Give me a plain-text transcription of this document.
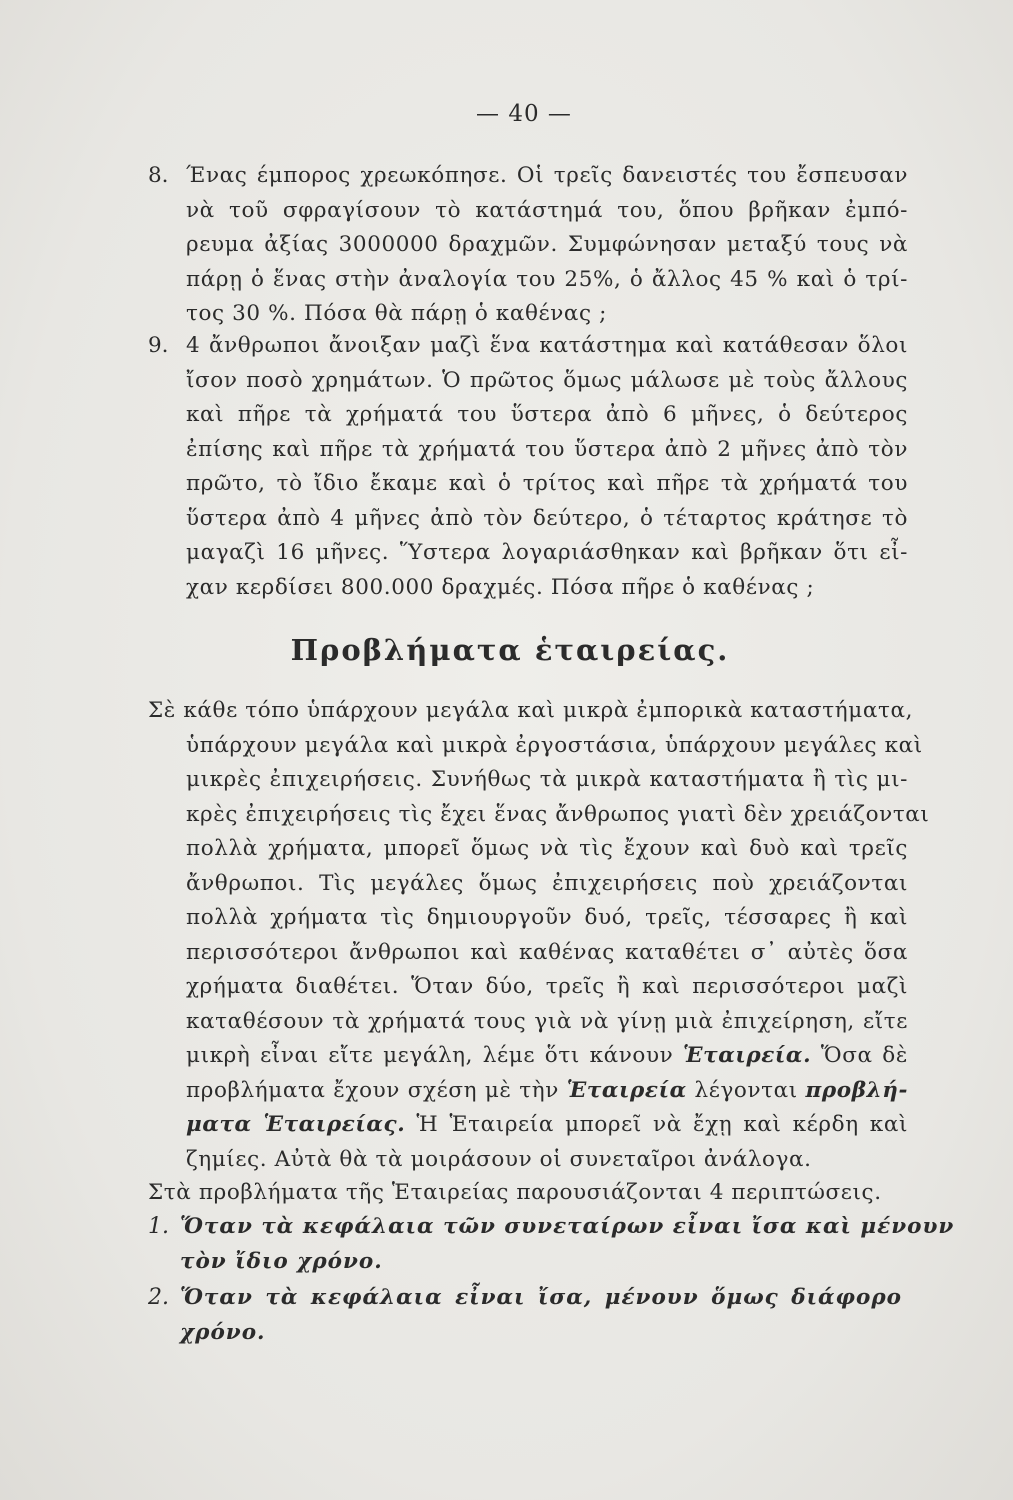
— 40 —
8. Ένας έμπορος χρεωκόπησε. Οἱ τρεῖς δανειστές του ἔσπευσαν
νὰ τοῦ σφραγίσουν τὸ κατάστημά του, ὅπου βρῆκαν ἐμπό-
ρευμα ἀξίας 3000000 δραχμῶν. Συμφώνησαν μεταξύ τους νὰ
πάρῃ ὁ ἕνας στὴν ἀναλογία του 25%, ὁ ἄλλος 45 % καὶ ὁ τρί-
τος 30 %. Πόσα θὰ πάρῃ ὁ καθένας ;
9. 4 ἄνθρωποι ἄνοιξαν μαζὶ ἕνα κατάστημα καὶ κατάθεσαν ὅλοι
ἴσον ποσὸ χρημάτων. Ὁ πρῶτος ὅμως μάλωσε μὲ τοὺς ἄλλους
καὶ πῆρε τὰ χρήματά του ὕστερα ἀπὸ 6 μῆνες, ὁ δεύτερος
ἐπίσης καὶ πῆρε τὰ χρήματά του ὕστερα ἀπὸ 2 μῆνες ἀπὸ τὸν
πρῶτο, τὸ ἴδιο ἔκαμε καὶ ὁ τρίτος καὶ πῆρε τὰ χρήματά του
ὕστερα ἀπὸ 4 μῆνες ἀπὸ τὸν δεύτερο, ὁ τέταρτος κράτησε τὸ
μαγαζὶ 16 μῆνες. Ὕστερα λογαριάσθηκαν καὶ βρῆκαν ὅτι εἶ-
χαν κερδίσει 800.000 δραχμές. Πόσα πῆρε ὁ καθένας ;
Προβλήματα ἑταιρείας.
Σὲ κάθε τόπο ὑπάρχουν μεγάλα καὶ μικρὰ ἐμπορικὰ καταστήματα,
ὑπάρχουν μεγάλα καὶ μικρὰ ἐργοστάσια, ὑπάρχουν μεγάλες καὶ
μικρὲς ἐπιχειρήσεις. Συνήθως τὰ μικρὰ καταστήματα ἢ τὶς μι-
κρὲς ἐπιχειρήσεις τὶς ἔχει ἕνας ἄνθρωπος γιατὶ δὲν χρειάζονται
πολλὰ χρήματα, μπορεῖ ὅμως νὰ τὶς ἔχουν καὶ δυὸ καὶ τρεῖς
ἄνθρωποι. Τὶς μεγάλες ὅμως ἐπιχειρήσεις ποὺ χρειάζονται
πολλὰ χρήματα τὶς δημιουργοῦν δυό, τρεῖς, τέσσαρες ἢ καὶ
περισσότεροι ἄνθρωποι καὶ καθένας καταθέτει σ᾽ αὐτὲς ὅσα
χρήματα διαθέτει. Ὅταν δύο, τρεῖς ἢ καὶ περισσότεροι μαζὶ
καταθέσουν τὰ χρήματά τους γιὰ νὰ γίνῃ μιὰ ἐπιχείρηση, εἴτε
μικρὴ εἶναι εἴτε μεγάλη, λέμε ὅτι κάνουν Ἑταιρεία. Ὅσα δὲ
προβλήματα ἔχουν σχέση μὲ τὴν Ἑταιρεία λέγονται προβλή-
ματα Ἑταιρείας. Ἡ Ἑταιρεία μπορεῖ νὰ ἔχῃ καὶ κέρδη καὶ
ζημίες. Αὐτὰ θὰ τὰ μοιράσουν οἱ συνεταῖροι ἀνάλογα.
Στὰ προβλήματα τῆς Ἑταιρείας παρουσιάζονται 4 περιπτώσεις.
1. Ὅταν τὰ κεφάλαια τῶν συνεταίρων εἶναι ἴσα καὶ μένουν
τὸν ἴδιο χρόνο.
2. Ὅταν τὰ κεφάλαια εἶναι ἴσα, μένουν ὅμως διάφορο
χρόνο.
